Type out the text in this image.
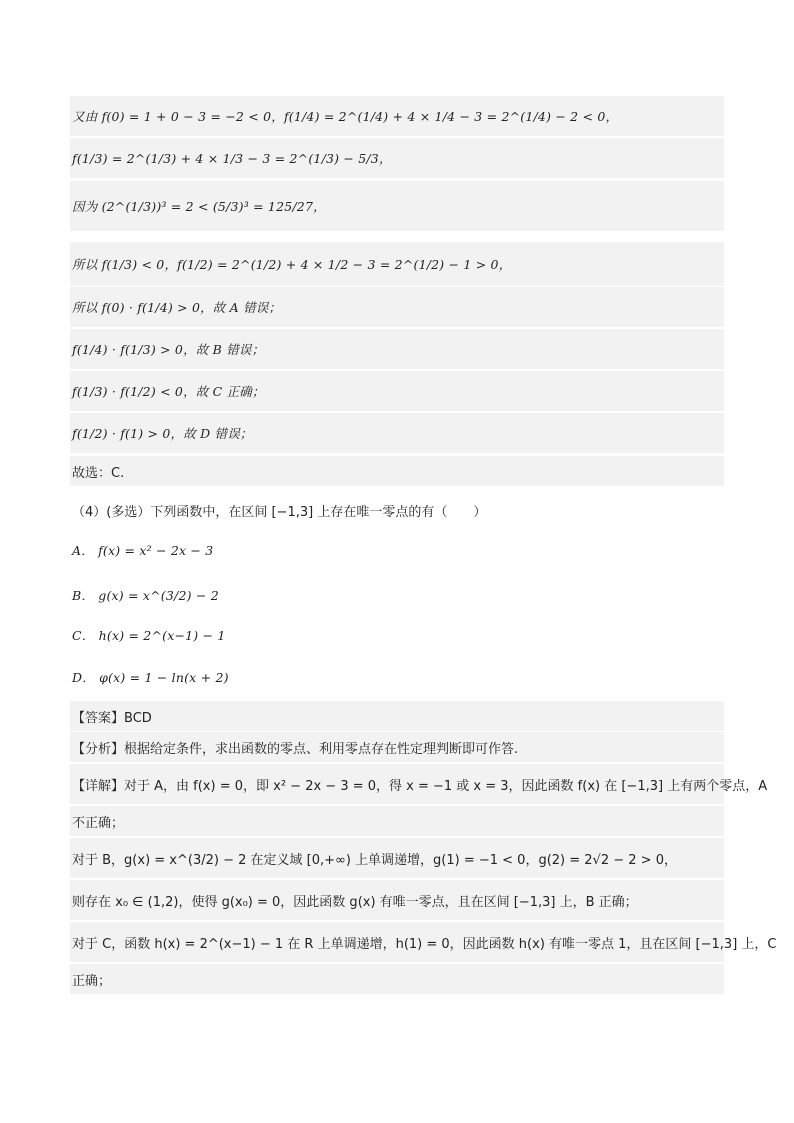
又由 f(0) = 1 + 0 − 3 = −2 < 0，f(1/4) = 2^(1/4) + 4 × 1/4 − 3 = 2^(1/4) − 2 < 0，
f(1/3) = 2^(1/3) + 4 × 1/3 − 3 = 2^(1/3) − 5/3，
因为 (2^(1/3))³ = 2 < (5/3)³ = 125/27，
所以 f(1/3) < 0，f(1/2) = 2^(1/2) + 4 × 1/2 − 3 = 2^(1/2) − 1 > 0，
所以 f(0) · f(1/4) > 0，故 A 错误；
f(1/4) · f(1/3) > 0，故 B 错误；
f(1/3) · f(1/2) < 0，故 C 正确；
f(1/2) · f(1) > 0，故 D 错误；
故选：C.
（4）(多选）下列函数中，在区间 [−1,3] 上存在唯一零点的有（　　）
A． f(x) = x² − 2x − 3
B． g(x) = x^(3/2) − 2
C． h(x) = 2^(x−1) − 1
D． φ(x) = 1 − ln(x + 2)
【答案】BCD
【分析】根据给定条件，求出函数的零点、利用零点存在性定理判断即可作答.
【详解】对于 A，由 f(x) = 0，即 x² − 2x − 3 = 0，得 x = −1 或 x = 3，因此函数 f(x) 在 [−1,3] 上有两个零点，A
不正确；
对于 B，g(x) = x^(3/2) − 2 在定义域 [0,+∞) 上单调递增，g(1) = −1 < 0，g(2) = 2√2 − 2 > 0，
则存在 x₀ ∈ (1,2)，使得 g(x₀) = 0，因此函数 g(x) 有唯一零点，且在区间 [−1,3] 上，B 正确；
对于 C，函数 h(x) = 2^(x−1) − 1 在 R 上单调递增，h(1) = 0，因此函数 h(x) 有唯一零点 1，且在区间 [−1,3] 上，C
正确；
